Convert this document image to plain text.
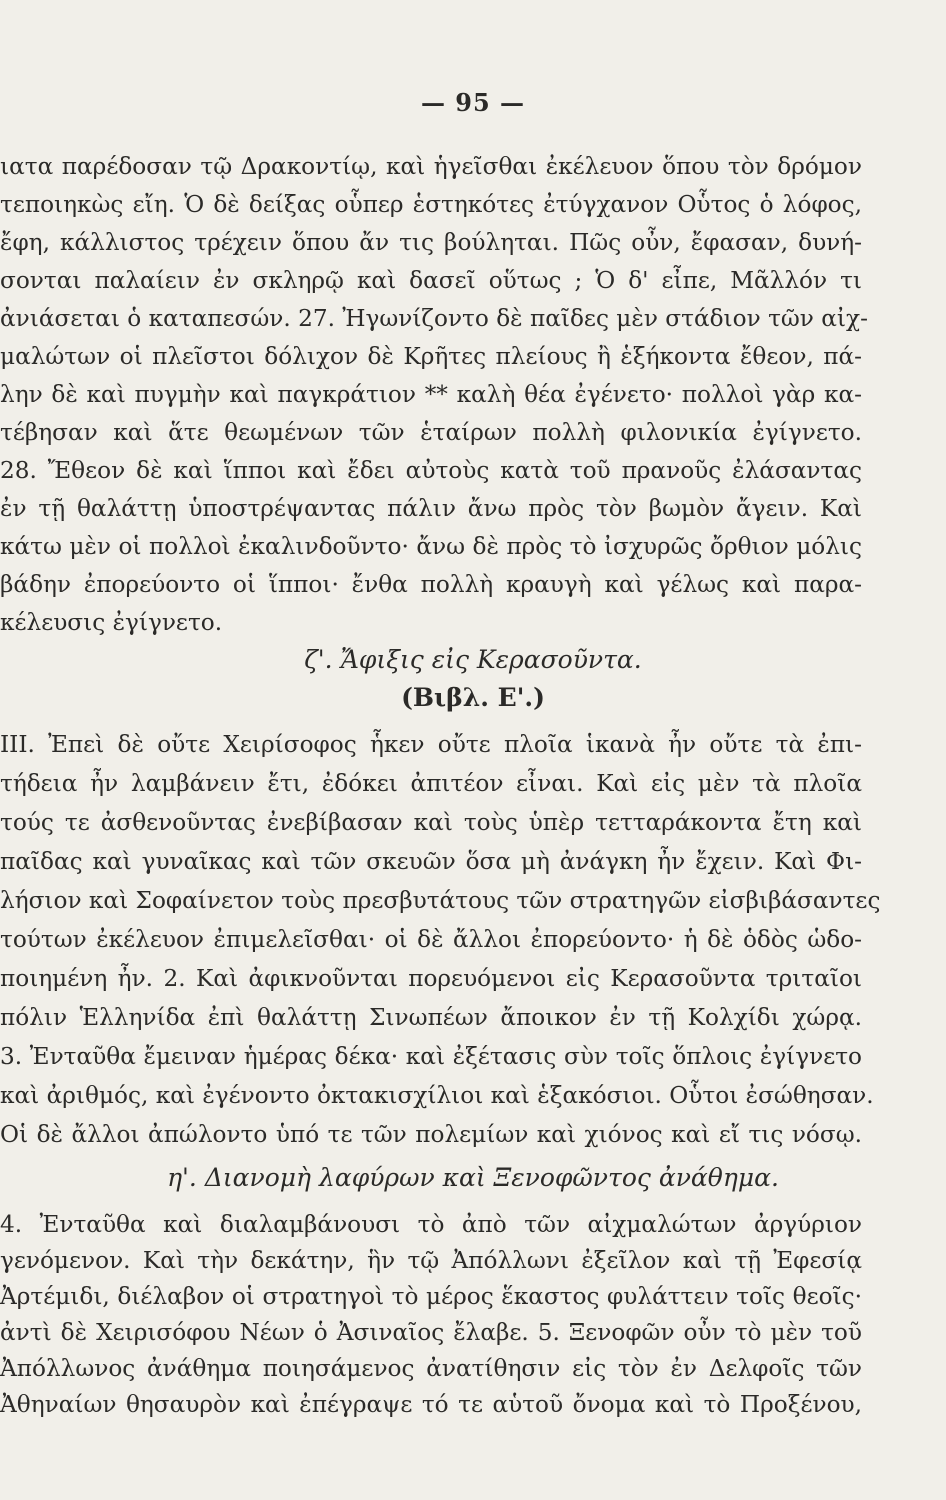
— 95 —
ιατα παρέδοσαν τῷ Δρακοντίῳ, καὶ ἡγεῖσθαι ἐκέλευον ὅπου τὸν δρόμον
τεποιηκὼς εἴη. Ὁ δὲ δείξας οὗπερ ἑστηκότες ἐτύγχανον Οὗτος ὁ λόφος,
ἔφη, κάλλιστος τρέχειν ὅπου ἄν τις βούληται. Πῶς οὖν, ἔφασαν, δυνή-
σονται παλαίειν ἐν σκληρῷ καὶ δασεῖ οὕτως ; Ὁ δ' εἶπε, Μᾶλλόν τι
ἀνιάσεται ὁ καταπεσών. 27. Ἠγωνίζοντο δὲ παῖδες μὲν στάδιον τῶν αἰχ-
μαλώτων οἱ πλεῖστοι δόλιχον δὲ Κρῆτες πλείους ἢ ἑξήκοντα ἔθεον, πά-
λην δὲ καὶ πυγμὴν καὶ παγκράτιον ** καλὴ θέα ἐγένετο· πολλοὶ γὰρ κα-
τέβησαν καὶ ἅτε θεωμένων τῶν ἑταίρων πολλὴ φιλονικία ἐγίγνετο.
28. Ἔθεον δὲ καὶ ἵπποι καὶ ἔδει αὐτοὺς κατὰ τοῦ πρανοῦς ἐλάσαντας
ἐν τῇ θαλάττῃ ὑποστρέψαντας πάλιν ἄνω πρὸς τὸν βωμὸν ἄγειν. Καὶ
κάτω μὲν οἱ πολλοὶ ἐκαλινδοῦντο· ἄνω δὲ πρὸς τὸ ἰσχυρῶς ὄρθιον μόλις
βάδην ἐπορεύοντο οἱ ἵπποι· ἔνθα πολλὴ κραυγὴ καὶ γέλως καὶ παρα-
κέλευσις ἐγίγνετο.
ζ'. Ἄφιξις εἰς Κερασοῦντα.
(Βιβλ. Ε'.)
III. Ἐπεὶ δὲ οὔτε Χειρίσοφος ἧκεν οὔτε πλοῖα ἱκανὰ ἦν οὔτε τὰ ἐπι-
τήδεια ἦν λαμβάνειν ἔτι, ἐδόκει ἀπιτέον εἶναι. Καὶ εἰς μὲν τὰ πλοῖα
τούς τε ἀσθενοῦντας ἐνεβίβασαν καὶ τοὺς ὑπὲρ τετταράκοντα ἔτη καὶ
παῖδας καὶ γυναῖκας καὶ τῶν σκευῶν ὅσα μὴ ἀνάγκη ἦν ἔχειν. Καὶ Φι-
λήσιον καὶ Σοφαίνετον τοὺς πρεσβυτάτους τῶν στρατηγῶν εἰσβιβάσαντες
τούτων ἐκέλευον ἐπιμελεῖσθαι· οἱ δὲ ἄλλοι ἐπορεύοντο· ἡ δὲ ὁδὸς ὡδο-
ποιημένη ἦν. 2. Καὶ ἀφικνοῦνται πορευόμενοι εἰς Κερασοῦντα τριταῖοι
πόλιν Ἑλληνίδα ἐπὶ θαλάττῃ Σινωπέων ἄποικον ἐν τῇ Κολχίδι χώρᾳ.
3. Ἐνταῦθα ἔμειναν ἡμέρας δέκα· καὶ ἐξέτασις σὺν τοῖς ὅπλοις ἐγίγνετο
καὶ ἀριθμός, καὶ ἐγένοντο ὀκτακισχίλιοι καὶ ἑξακόσιοι. Οὗτοι ἐσώθησαν.
Οἱ δὲ ἄλλοι ἀπώλοντο ὑπό τε τῶν πολεμίων καὶ χιόνος καὶ εἴ τις νόσῳ.
η'. Διανομὴ λαφύρων καὶ Ξενοφῶντος ἀνάθημα.
4. Ἐνταῦθα καὶ διαλαμβάνουσι τὸ ἀπὸ τῶν αἰχμαλώτων ἀργύριον
γενόμενον. Καὶ τὴν δεκάτην, ἣν τῷ Ἀπόλλωνι ἐξεῖλον καὶ τῇ Ἐφεσίᾳ
Ἀρτέμιδι, διέλαβον οἱ στρατηγοὶ τὸ μέρος ἕκαστος φυλάττειν τοῖς θεοῖς·
ἀντὶ δὲ Χειρισόφου Νέων ὁ Ἀσιναῖος ἔλαβε. 5. Ξενοφῶν οὖν τὸ μὲν τοῦ
Ἀπόλλωνος ἀνάθημα ποιησάμενος ἀνατίθησιν εἰς τὸν ἐν Δελφοῖς τῶν
Ἀθηναίων θησαυρὸν καὶ ἐπέγραψε τό τε αὑτοῦ ὄνομα καὶ τὸ Προξένου,
